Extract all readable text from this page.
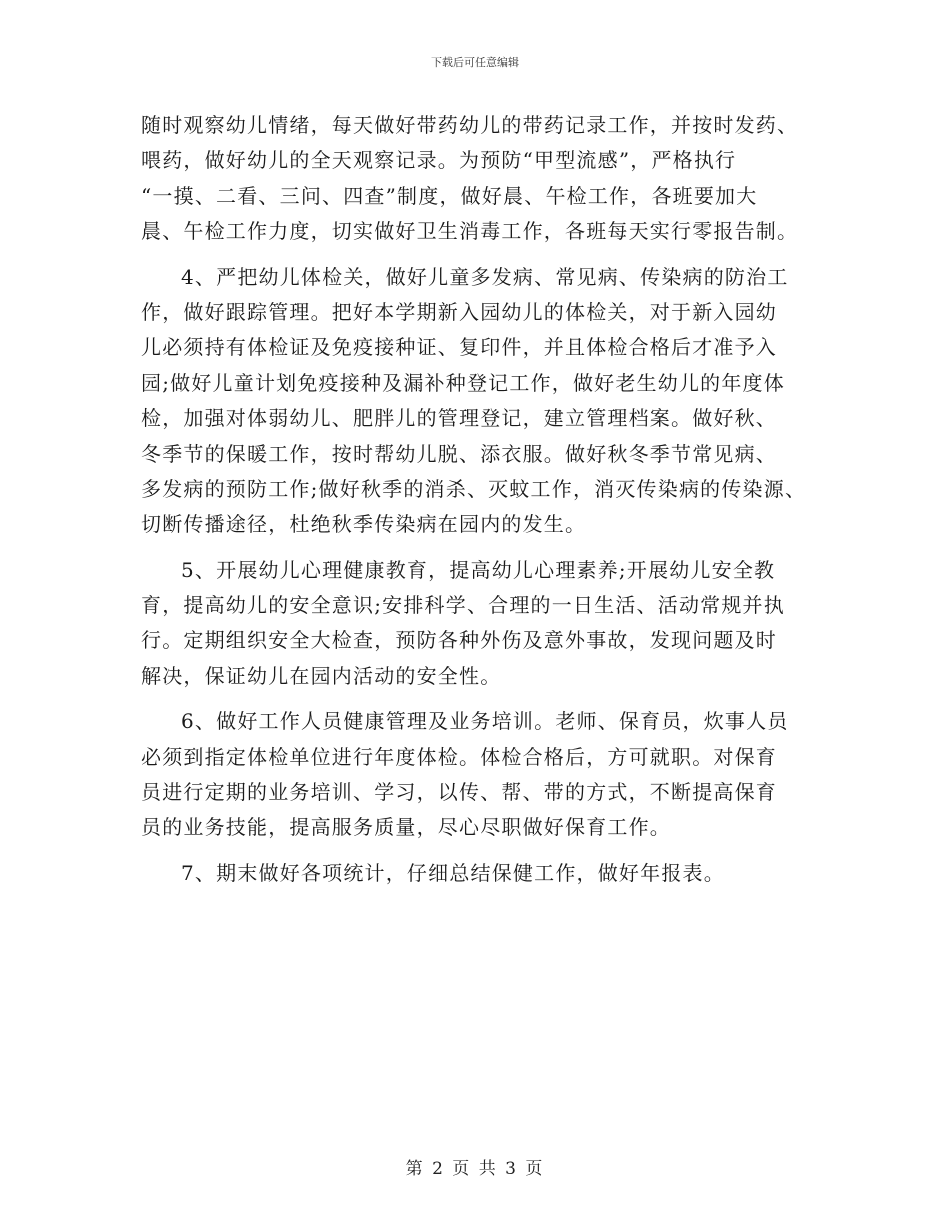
下载后可任意编辑
随时观察幼儿情绪，每天做好带药幼儿的带药记录工作，并按时发药、
喂药，做好幼儿的全天观察记录。为预防“甲型流感”，严格执行
“一摸、二看、三问、四查”制度，做好晨、午检工作，各班要加大
晨、午检工作力度，切实做好卫生消毒工作，各班每天实行零报告制。
4、严把幼儿体检关，做好儿童多发病、常见病、传染病的防治工
作，做好跟踪管理。把好本学期新入园幼儿的体检关，对于新入园幼
儿必须持有体检证及免疫接种证、复印件，并且体检合格后才准予入
园;做好儿童计划免疫接种及漏补种登记工作，做好老生幼儿的年度体
检，加强对体弱幼儿、肥胖儿的管理登记，建立管理档案。做好秋、
冬季节的保暖工作，按时帮幼儿脱、添衣服。做好秋冬季节常见病、
多发病的预防工作;做好秋季的消杀、灭蚊工作，消灭传染病的传染源、
切断传播途径，杜绝秋季传染病在园内的发生。
5、开展幼儿心理健康教育，提高幼儿心理素养;开展幼儿安全教
育，提高幼儿的安全意识;安排科学、合理的一日生活、活动常规并执
行。定期组织安全大检查，预防各种外伤及意外事故，发现问题及时
解决，保证幼儿在园内活动的安全性。
6、做好工作人员健康管理及业务培训。老师、保育员，炊事人员
必须到指定体检单位进行年度体检。体检合格后，方可就职。对保育
员进行定期的业务培训、学习，以传、帮、带的方式，不断提高保育
员的业务技能，提高服务质量，尽心尽职做好保育工作。
7、期末做好各项统计，仔细总结保健工作，做好年报表。
第 2 页 共 3 页
